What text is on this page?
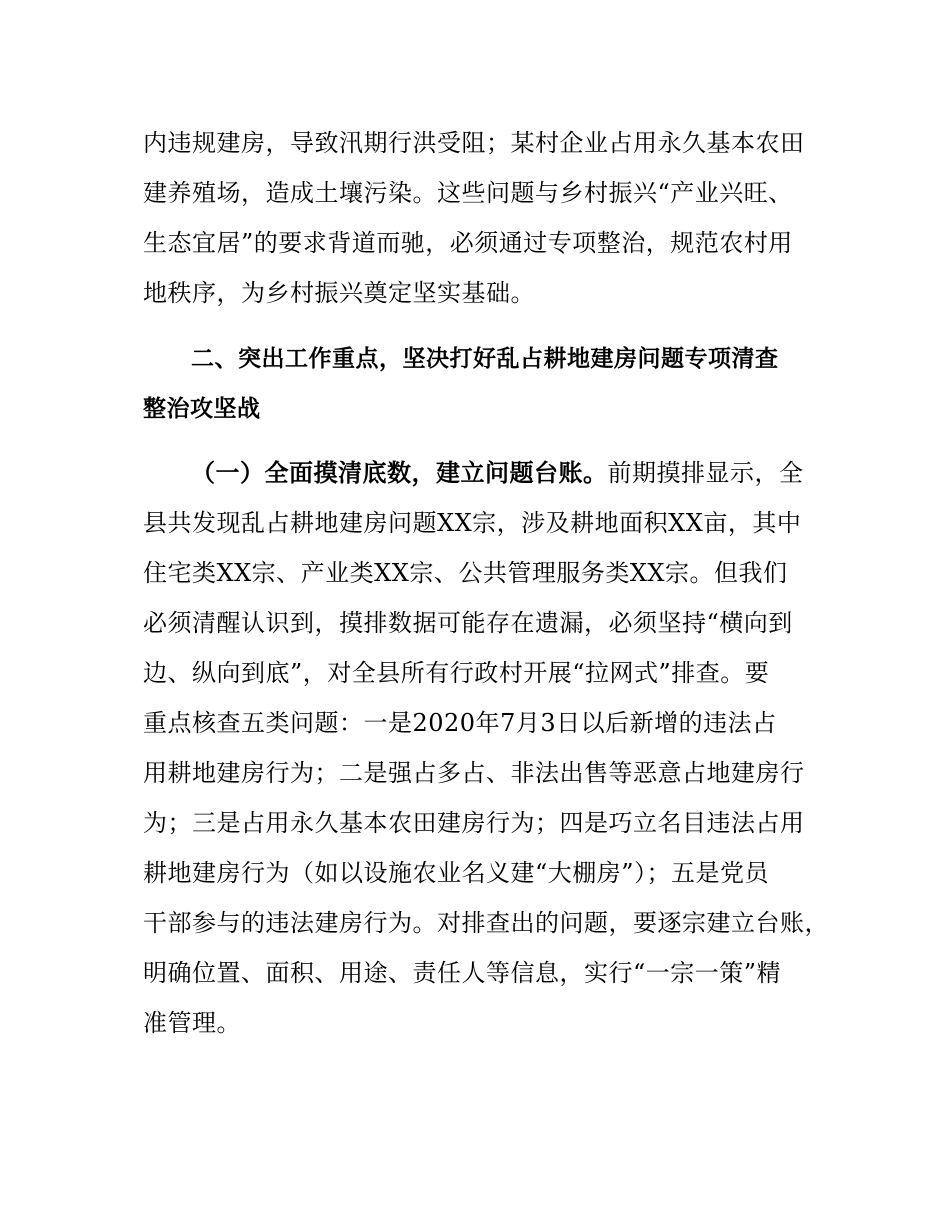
内违规建房，导致汛期行洪受阻；某村企业占用永久基本农田
建养殖场，造成土壤污染。这些问题与乡村振兴“产业兴旺、
生态宜居”的要求背道而驰，必须通过专项整治，规范农村用
地秩序，为乡村振兴奠定坚实基础。
二、突出工作重点，坚决打好乱占耕地建房问题专项清查
整治攻坚战
（一）全面摸清底数，建立问题台账。前期摸排显示，全
县共发现乱占耕地建房问题XX宗，涉及耕地面积XX亩，其中
住宅类XX宗、产业类XX宗、公共管理服务类XX宗。但我们
必须清醒认识到，摸排数据可能存在遗漏，必须坚持“横向到
边、纵向到底”，对全县所有行政村开展“拉网式”排查。要
重点核查五类问题：一是2020年7月3日以后新增的违法占
用耕地建房行为；二是强占多占、非法出售等恶意占地建房行
为；三是占用永久基本农田建房行为；四是巧立名目违法占用
耕地建房行为（如以设施农业名义建“大棚房”）；五是党员
干部参与的违法建房行为。对排查出的问题，要逐宗建立台账，
明确位置、面积、用途、责任人等信息，实行“一宗一策”精
准管理。
